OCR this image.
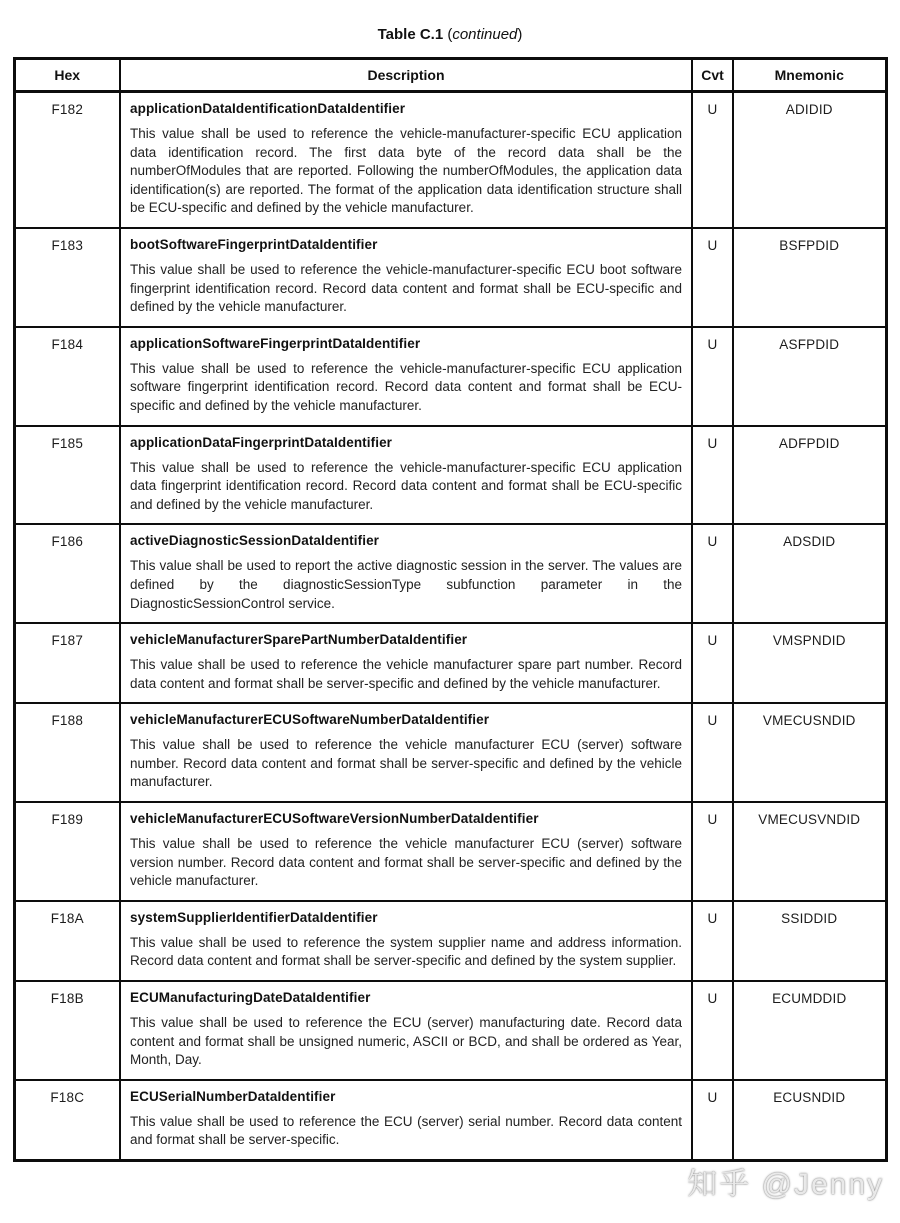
Table C.1 (continued)
Hex	Description	Cvt	Mnemonic
F182	applicationDataIdentificationDataIdentifier
This value shall be used to reference the vehicle-manufacturer-specific ECU application data identification record. The first data byte of the record data shall be the numberOfModules that are reported. Following the numberOfModules, the application data identification(s) are reported. The format of the application data identification structure shall be ECU-specific and defined by the vehicle manufacturer.	U	ADIDID
F183	bootSoftwareFingerprintDataIdentifier
This value shall be used to reference the vehicle-manufacturer-specific ECU boot software fingerprint identification record. Record data content and format shall be ECU-specific and defined by the vehicle manufacturer.	U	BSFPDID
F184	applicationSoftwareFingerprintDataIdentifier
This value shall be used to reference the vehicle-manufacturer-specific ECU application software fingerprint identification record. Record data content and format shall be ECU-specific and defined by the vehicle manufacturer.	U	ASFPDID
F185	applicationDataFingerprintDataIdentifier
This value shall be used to reference the vehicle-manufacturer-specific ECU application data fingerprint identification record. Record data content and format shall be ECU-specific and defined by the vehicle manufacturer.	U	ADFPDID
F186	activeDiagnosticSessionDataIdentifier
This value shall be used to report the active diagnostic session in the server. The values are defined by the diagnosticSessionType subfunction parameter in the DiagnosticSessionControl service.	U	ADSDID
F187	vehicleManufacturerSparePartNumberDataIdentifier
This value shall be used to reference the vehicle manufacturer spare part number. Record data content and format shall be server-specific and defined by the vehicle manufacturer.	U	VMSPNDID
F188	vehicleManufacturerECUSoftwareNumberDataIdentifier
This value shall be used to reference the vehicle manufacturer ECU (server) software number. Record data content and format shall be server-specific and defined by the vehicle manufacturer.	U	VMECUSNDID
F189	vehicleManufacturerECUSoftwareVersionNumberDataIdentifier
This value shall be used to reference the vehicle manufacturer ECU (server) software version number. Record data content and format shall be server-specific and defined by the vehicle manufacturer.	U	VMECUSVNDID
F18A	systemSupplierIdentifierDataIdentifier
This value shall be used to reference the system supplier name and address information. Record data content and format shall be server-specific and defined by the system supplier.	U	SSIDDID
F18B	ECUManufacturingDateDataIdentifier
This value shall be used to reference the ECU (server) manufacturing date. Record data content and format shall be unsigned numeric, ASCII or BCD, and shall be ordered as Year, Month, Day.	U	ECUMDDID
F18C	ECUSerialNumberDataIdentifier
This value shall be used to reference the ECU (server) serial number. Record data content and format shall be server-specific.	U	ECUSNDID
知乎 @Jenny
